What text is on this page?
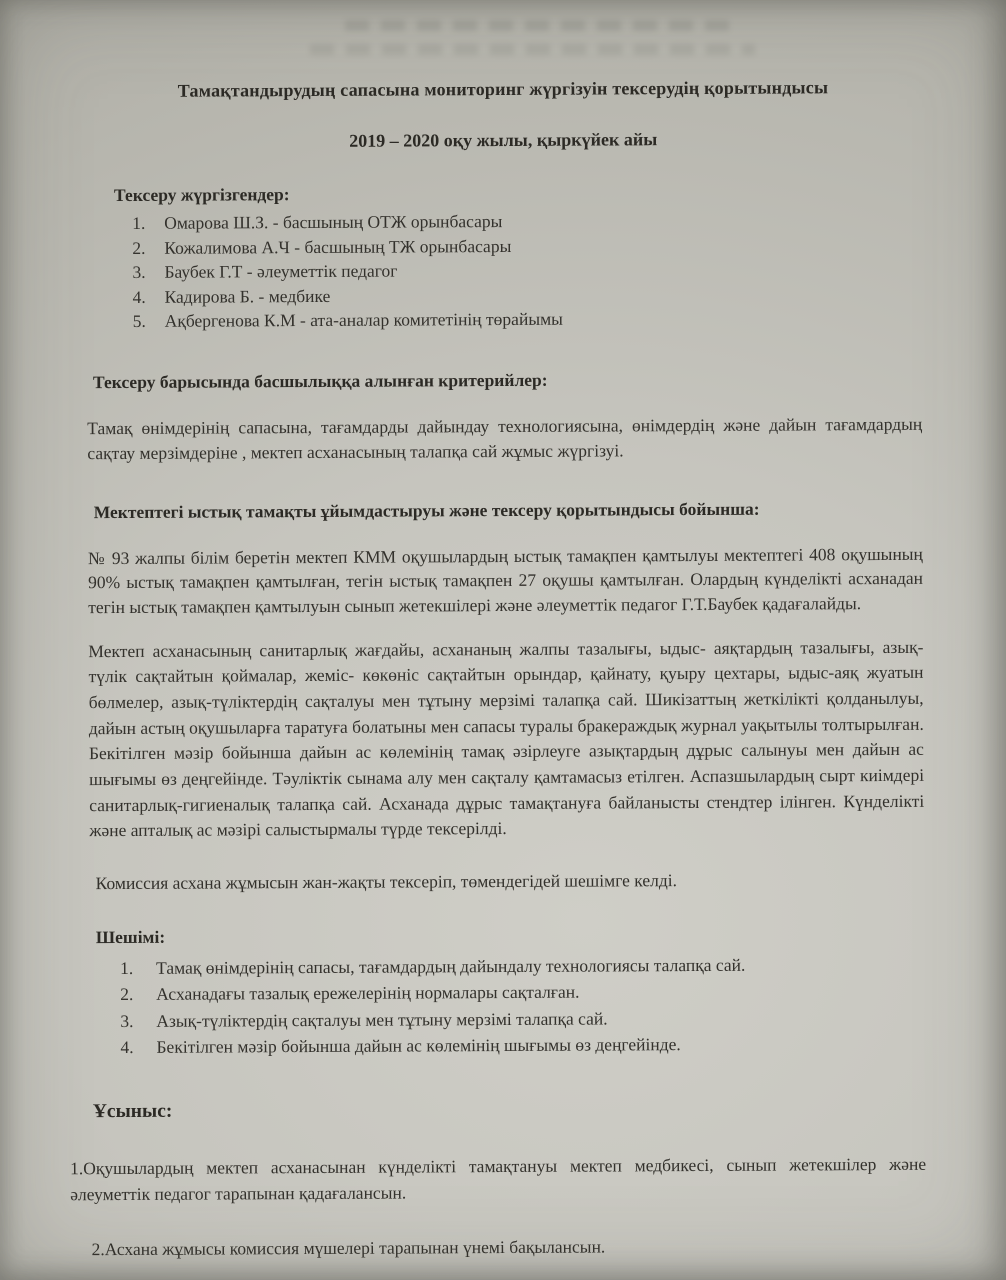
Тамақтандырудың сапасына мониторинг жүргізуін тексерудің қорытындысы

2019 – 2020 оқу жылы, қыркүйек айы

Тексеру жүргізгендер:

Омарова Ш.З. - басшының ОТЖ орынбасары
Кожалимова А.Ч - басшының ТЖ орынбасары
Баубек Г.Т - әлеуметтік педагог
Кадирова Б. - медбике
Ақбергенова К.М - ата-аналар комитетінің төрайымы

Тексеру барысында басшылыққа алынған критерийлер:

Тамақ өнімдерінің сапасына, тағамдарды дайындау технологиясына, өнімдердің және дайын тағамдардың сақтау мерзімдеріне , мектеп асханасының талапқа сай жұмыс жүргізуі.

Мектептегі ыстық тамақты ұйымдастыруы және тексеру қорытындысы бойынша:

№ 93 жалпы білім беретін мектеп КММ оқушылардың ыстық тамақпен қамтылуы мектептегі 408 оқушының 90% ыстық тамақпен қамтылған, тегін ыстық тамақпен 27 оқушы қамтылған. Олардың күнделікті асханадан тегін ыстық тамақпен қамтылуын сынып жетекшілері және әлеуметтік педагог Г.Т.Баубек қадағалайды.

Мектеп асханасының санитарлық жағдайы, асхананың жалпы тазалығы, ыдыс- аяқтардың тазалығы, азық-түлік сақтайтын қоймалар, жеміс- көкөніс сақтайтын орындар, қайнату, қуыру цехтары, ыдыс-аяқ жуатын бөлмелер, азық-түліктердің сақталуы мен тұтыну мерзімі талапқа сай. Шикізаттың жеткілікті қолданылуы, дайын астың оқушыларға таратуға болатыны мен сапасы туралы бракераждық журнал уақытылы толтырылған. Бекітілген мәзір бойынша дайын ас көлемінің тамақ әзірлеуге азықтардың дұрыс салынуы мен дайын ас шығымы өз деңгейінде. Тәуліктік сынама алу мен сақталу қамтамасыз етілген. Аспазшылардың сырт киімдері санитарлық-гигиеналық талапқа сай. Асханада дұрыс тамақтануға байланысты стендтер ілінген. Күнделікті және апталық ас мәзірі салыстырмалы түрде тексерілді.

Комиссия асхана жұмысын жан-жақты тексеріп, төмендегідей шешімге келді.

Шешімі:

Тамақ өнімдерінің сапасы, тағамдардың дайындалу технологиясы талапқа сай.
Асханадағы тазалық ережелерінің нормалары сақталған.
Азық-түліктердің сақталуы мен тұтыну мерзімі талапқа сай.
Бекітілген мәзір бойынша дайын ас көлемінің шығымы өз деңгейінде.

Ұсыныс:

1.Оқушылардың мектеп асханасынан күнделікті тамақтануы мектеп медбикесі, сынып жетекшілер және әлеуметтік педагог тарапынан қадағалансын.

2.Асхана жұмысы комиссия мүшелері тарапынан үнемі бақылансын.
